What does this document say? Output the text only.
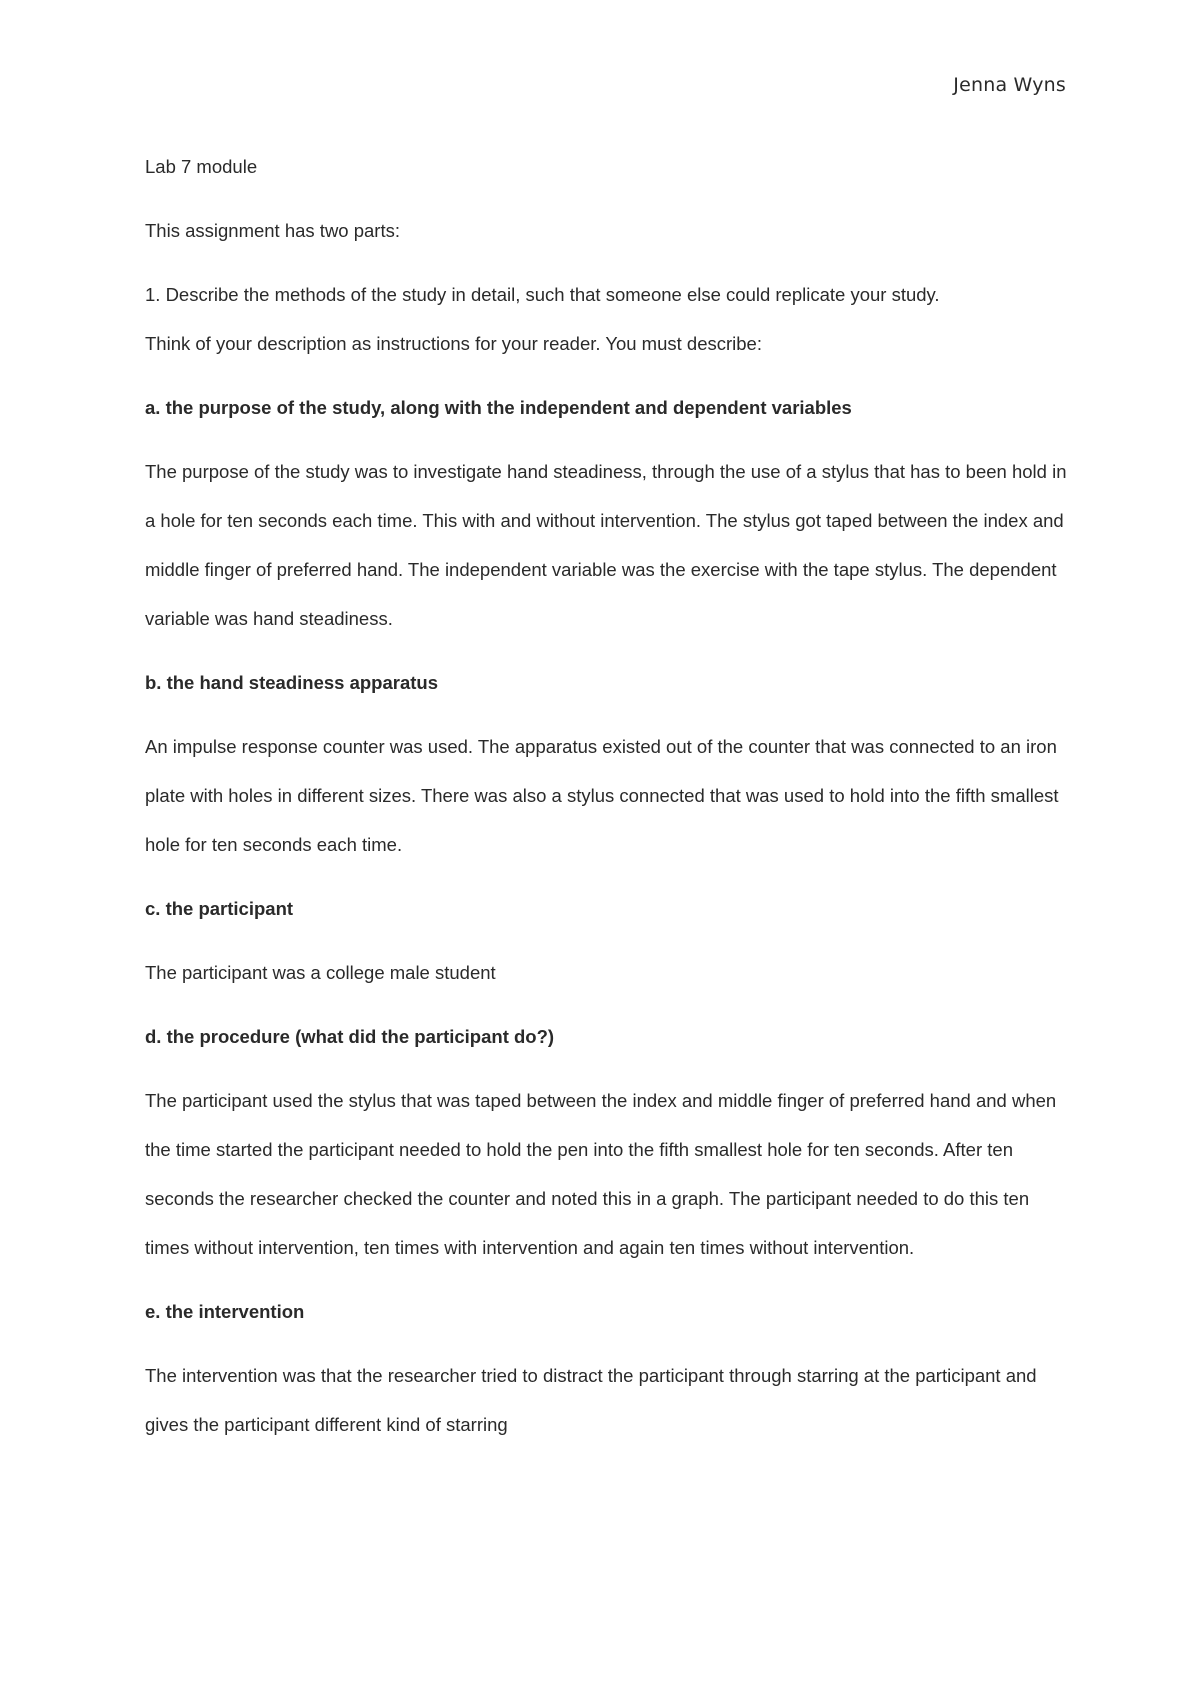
Jenna Wyns

Lab 7 module

This assignment has two parts:

1. Describe the methods of the study in detail, such that someone else could replicate your study.

Think of your description as instructions for your reader. You must describe:

a. the purpose of the study, along with the independent and dependent variables

The purpose of the study was to investigate hand steadiness, through the use of a stylus that has to been hold in a hole for ten seconds each time. This with and without intervention. The stylus got taped between the index and middle finger of preferred hand. The independent variable was the exercise with the tape stylus. The dependent variable was hand steadiness.

b. the hand steadiness apparatus

An impulse response counter was used. The apparatus existed out of the counter that was connected to an iron plate with holes in different sizes. There was also a stylus connected that was used to hold into the fifth smallest hole for ten seconds each time.

c. the participant

The participant was a college male student

d. the procedure (what did the participant do?)

The participant used the stylus that was taped between the index and middle finger of preferred hand and when the time started the participant needed to hold the pen into the fifth smallest hole for ten seconds. After ten seconds the researcher checked the counter and noted this in a graph. The participant needed to do this ten times without intervention, ten times with intervention and again ten times without intervention.

e. the intervention

The intervention was that the researcher tried to distract the participant through starring at the participant and gives the participant different kind of starring
